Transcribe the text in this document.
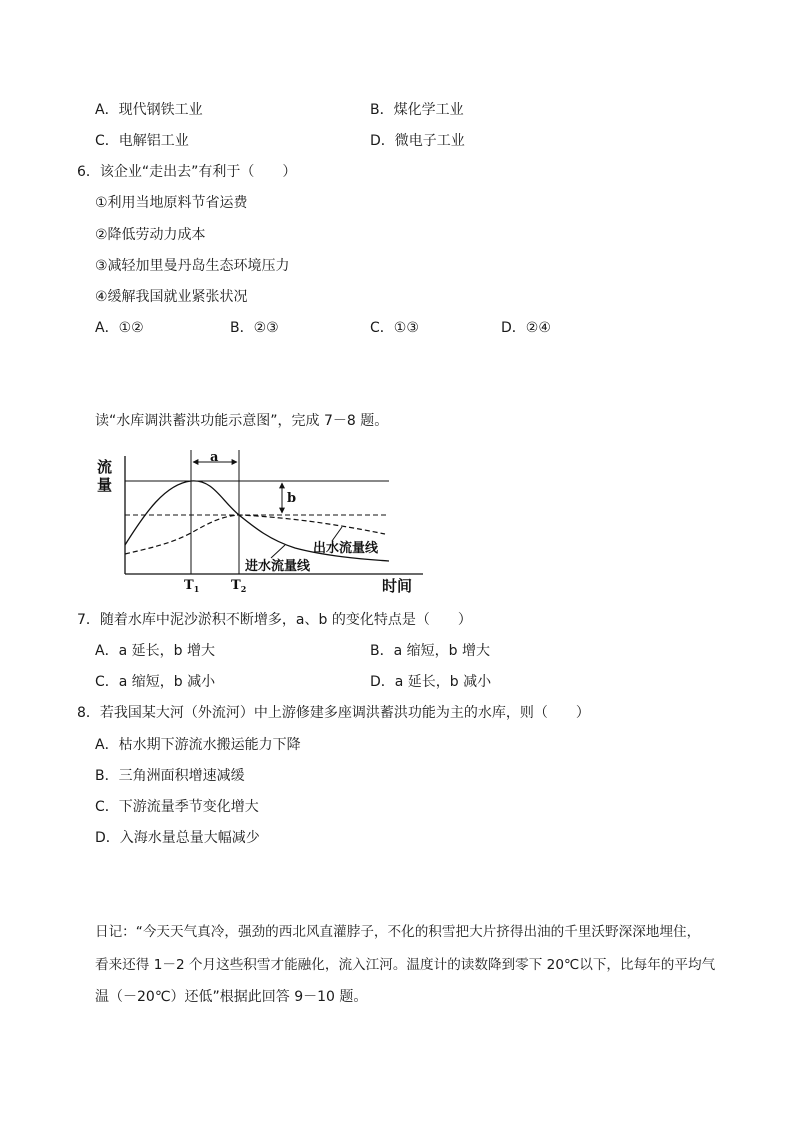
A．现代钢铁工业	B．煤化学工业
C．电解铝工业	D．微电子工业
6．该企业“走出去”有利于（　　）
①利用当地原料节省运费
②降低劳动力成本
③减轻加里曼丹岛生态环境压力
④缓解我国就业紧张状况
A．①②	B．②③	C．①③	D．②④
读“水库调洪蓄洪功能示意图”，完成 7－8 题。
流
量
时间
a
b
出水流量线
进水流量线
$T_1$ $T_2$
7．随着水库中泥沙淤积不断增多，a、b 的变化特点是（　　）
A．a 延长，b 增大	B．a 缩短，b 增大
C．a 缩短，b 减小	D．a 延长，b 减小
8．若我国某大河（外流河）中上游修建多座调洪蓄洪功能为主的水库，则（　　）
A．枯水期下游流水搬运能力下降
B．三角洲面积增速减缓
C．下游流量季节变化增大
D．入海水量总量大幅减少
日记：“今天天气真冷，强劲的西北风直灌脖子，不化的积雪把大片挤得出油的千里沃野深深地埋住，
看来还得 1－2 个月这些积雪才能融化，流入江河。温度计的读数降到零下 20℃以下，比每年的平均气
温（－20℃）还低”根据此回答 9－10 题。
